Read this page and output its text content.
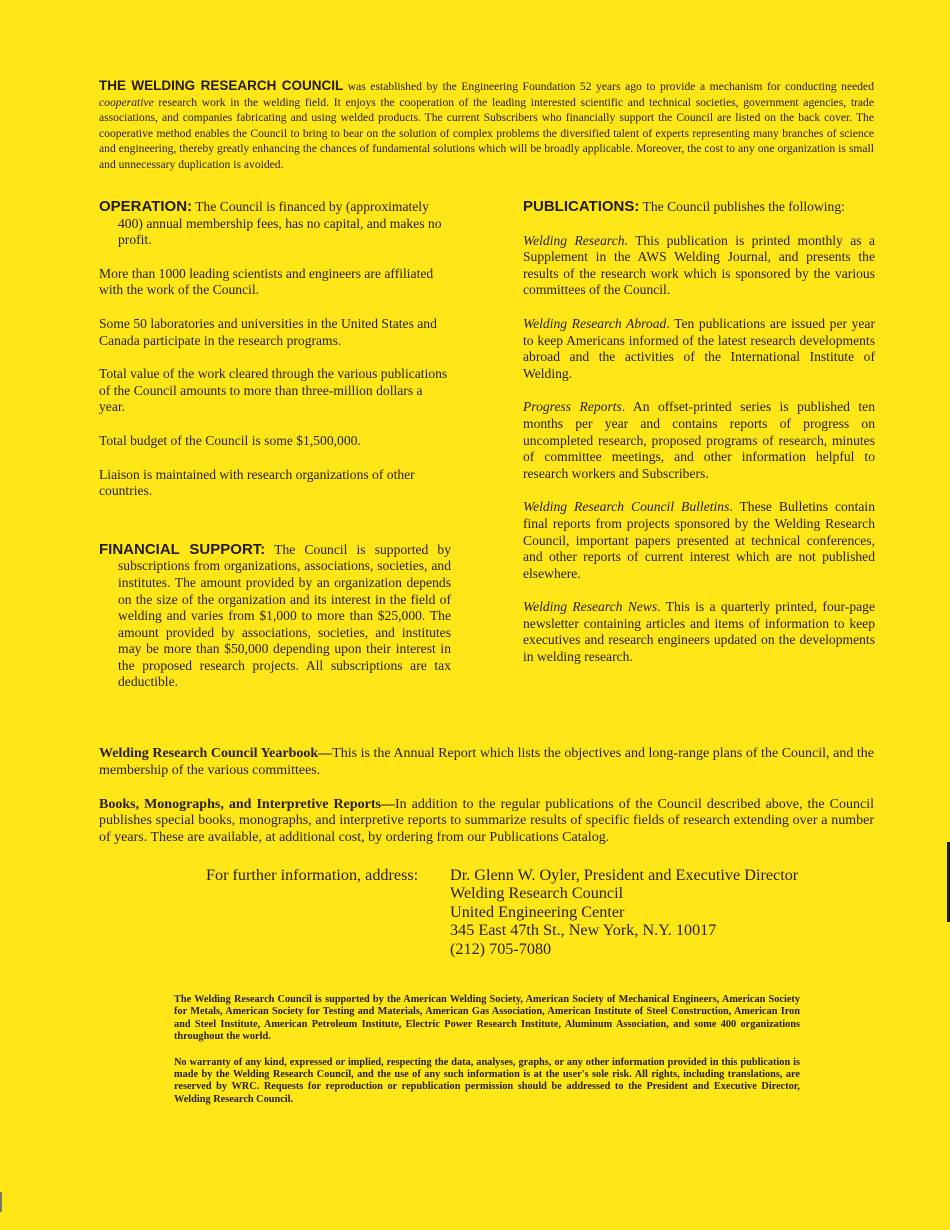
THE WELDING RESEARCH COUNCIL was established by the Engineering Foundation 52 years ago to provide a mechanism for conducting needed cooperative research work in the welding field. It enjoys the cooperation of the leading interested scientific and technical societies, government agencies, trade associations, and companies fabricating and using welded products. The current Subscribers who financially support the Council are listed on the back cover. The cooperative method enables the Council to bring to bear on the solution of complex problems the diversified talent of experts representing many branches of science and engineering, thereby greatly enhancing the chances of fundamental solutions which will be broadly applicable. Moreover, the cost to any one organization is small and unnecessary duplication is avoided.

OPERATION: The Council is financed by (approximately 400) annual membership fees, has no capital, and makes no profit.

More than 1000 leading scientists and engineers are affiliated with the work of the Council.

Some 50 laboratories and universities in the United States and Canada participate in the research programs.

Total value of the work cleared through the various publications of the Council amounts to more than three-million dollars a year.

Total budget of the Council is some $1,500,000.

Liaison is maintained with research organizations of other countries.

FINANCIAL SUPPORT: The Council is supported by subscriptions from organizations, associations, societies, and institutes. The amount provided by an organization depends on the size of the organization and its interest in the field of welding and varies from $1,000 to more than $25,000. The amount provided by associations, societies, and institutes may be more than $50,000 depending upon their interest in the proposed research projects. All subscriptions are tax deductible.

PUBLICATIONS: The Council publishes the following:

Welding Research. This publication is printed monthly as a Supplement in the AWS Welding Journal, and presents the results of the research work which is sponsored by the various committees of the Council.

Welding Research Abroad. Ten publications are issued per year to keep Americans informed of the latest research developments abroad and the activities of the International Institute of Welding.

Progress Reports. An offset-printed series is published ten months per year and contains reports of progress on uncompleted research, proposed programs of research, minutes of committee meetings, and other information helpful to research workers and Subscribers.

Welding Research Council Bulletins. These Bulletins contain final reports from projects sponsored by the Welding Research Council, important papers presented at technical conferences, and other reports of current interest which are not published elsewhere.

Welding Research News. This is a quarterly printed, four-page newsletter containing articles and items of information to keep executives and research engineers updated on the developments in welding research.

Welding Research Council Yearbook—This is the Annual Report which lists the objectives and long-range plans of the Council, and the membership of the various committees.

Books, Monographs, and Interpretive Reports—In addition to the regular publications of the Council described above, the Council publishes special books, monographs, and interpretive reports to summarize results of specific fields of research extending over a number of years. These are available, at additional cost, by ordering from our Publications Catalog.

For further information, address: Dr. Glenn W. Oyler, President and Executive Director
Welding Research Council
United Engineering Center
345 East 47th St., New York, N.Y. 10017
(212) 705-7080

The Welding Research Council is supported by the American Welding Society, American Society of Mechanical Engineers, American Society for Metals, American Society for Testing and Materials, American Gas Association, American Institute of Steel Construction, American Iron and Steel Institute, American Petroleum Institute, Electric Power Research Institute, Aluminum Association, and some 400 organizations throughout the world.

No warranty of any kind, expressed or implied, respecting the data, analyses, graphs, or any other information provided in this publication is made by the Welding Research Council, and the use of any such information is at the user's sole risk. All rights, including translations, are reserved by WRC. Requests for reproduction or republication permission should be addressed to the President and Executive Director, Welding Research Council.
